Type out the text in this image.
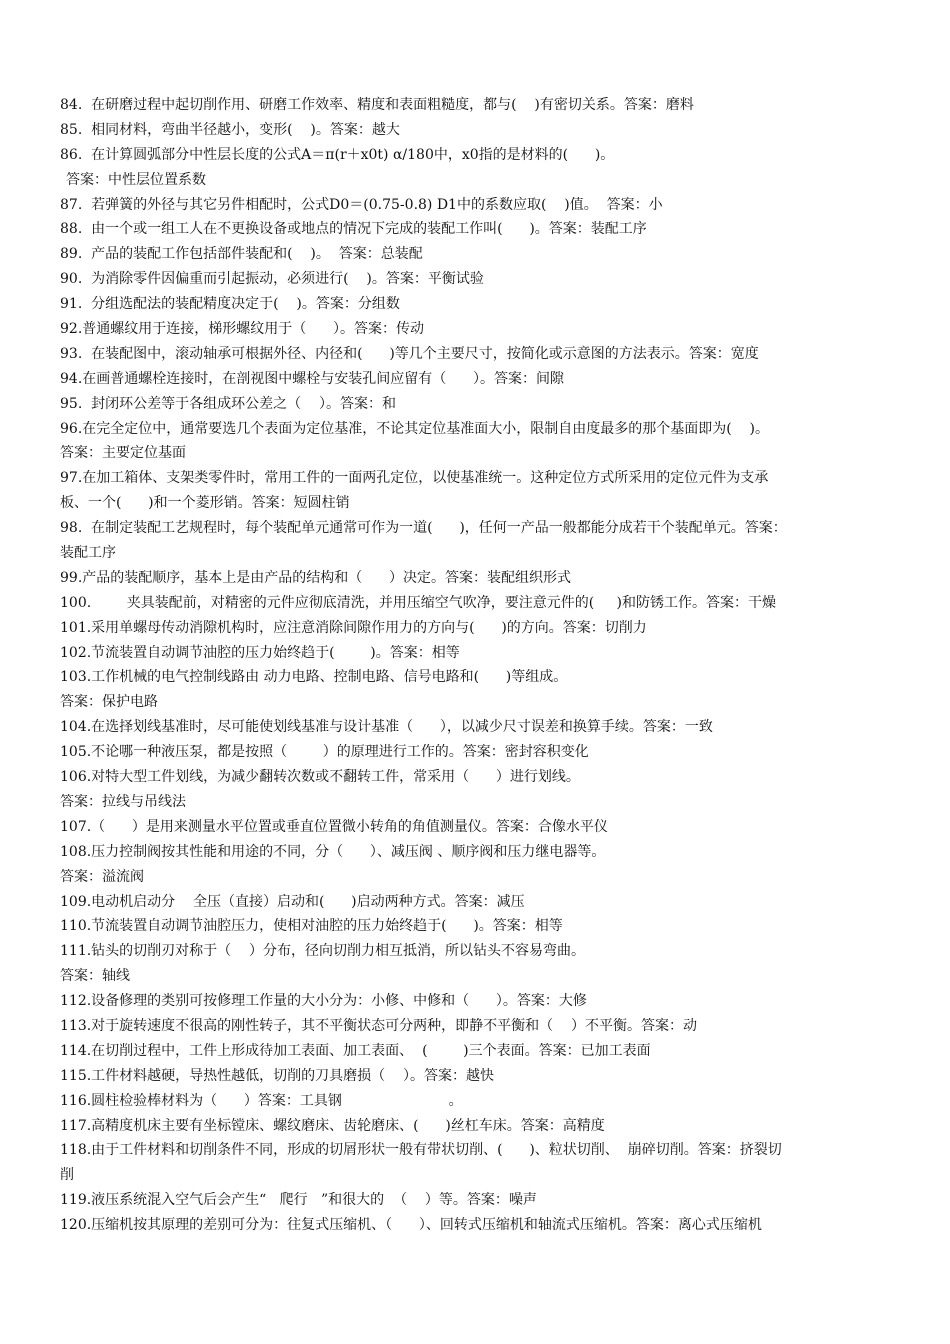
84.  在研磨过程中起切削作用、研磨工作效率、精度和表面粗糙度，都与(    )有密切关系。答案：磨料
85.  相同材料，弯曲半径越小，变形(    )。答案：越大
86.  在计算圆弧部分中性层长度的公式A＝π(r＋x0t) α/180中，x0指的是材料的(      )。
答案：中性层位置系数
87.  若弹簧的外径与其它另件相配时，公式D0＝(0.75-0.8) D1中的系数应取(    )值。  答案：小
88.  由一个或一组工人在不更换设备或地点的情况下完成的装配工作叫(      )。答案：装配工序
89.  产品的装配工作包括部件装配和(    )。  答案：总装配
90.  为消除零件因偏重而引起振动，必须进行(    )。答案：平衡试验
91.  分组选配法的装配精度决定于(    )。答案：分组数
92.普通螺纹用于连接，梯形螺纹用于（      ）。答案：传动
93.  在装配图中，滚动轴承可根据外径、内径和(      )等几个主要尺寸，按简化或示意图的方法表示。答案：宽度
94.在画普通螺栓连接时，在剖视图中螺栓与安装孔间应留有（      ）。答案：间隙
95.  封闭环公差等于各组成环公差之（    ）。答案：和
96.在完全定位中，通常要选几个表面为定位基准，不论其定位基准面大小，限制自由度最多的那个基面即为(    )。
答案：主要定位基面
97.在加工箱体、支架类零件时，常用工件的一面两孔定位，以使基准统一。这种定位方式所采用的定位元件为支承
板、一个(      )和一个菱形销。答案：短圆柱销
98.  在制定装配工艺规程时，每个装配单元通常可作为一道(      )，任何一产品一般都能分成若干个装配单元。答案：
装配工序
99.产品的装配顺序，基本上是由产品的结构和（      ）决定。答案：装配组织形式
100.        夹具装配前，对精密的元件应彻底清洗，并用压缩空气吹净，要注意元件的(     )和防锈工作。答案：干燥
101.采用单螺母传动消隙机构时，应注意消除间隙作用力的方向与(      )的方向。答案：切削力
102.节流装置自动调节油腔的压力始终趋于(        )。答案：相等
103.工作机械的电气控制线路由 动力电路、控制电路、信号电路和(      )等组成。
答案：保护电路
104.在选择划线基准时，尽可能使划线基准与设计基准（      ），以减少尺寸误差和换算手续。答案：一致
105.不论哪一种液压泵，都是按照（        ）的原理进行工作的。答案：密封容积变化
106.对特大型工件划线，为减少翻转次数或不翻转工件，常采用（      ）进行划线。
答案：拉线与吊线法
107.（      ）是用来测量水平位置或垂直位置微小转角的角值测量仪。答案：合像水平仪
108.压力控制阀按其性能和用途的不同，分（      ）、减压阀 、顺序阀和压力继电器等。
答案：溢流阀
109.电动机启动分    全压（直接）启动和(      )启动两种方式。答案：减压
110.节流装置自动调节油腔压力，使相对油腔的压力始终趋于(      )。答案：相等
111.钻头的切削刃对称于（    ）分布，径向切削力相互抵消，所以钻头不容易弯曲。
答案：轴线
112.设备修理的类别可按修理工作量的大小分为：小修、中修和（      ）。答案：大修
113.对于旋转速度不很高的刚性转子，其不平衡状态可分两种，即静不平衡和（    ）不平衡。答案：动
114.在切削过程中，工件上形成待加工表面、加工表面、  (        )三个表面。答案：已加工表面
115.工件材料越硬，导热性越低，切削的刀具磨损（    ）。答案：越快
116.圆柱检验棒材料为（      ）答案：工具钢                        。
117.高精度机床主要有坐标镗床、螺纹磨床、齿轮磨床、(      )丝杠车床。答案：高精度
118.由于工件材料和切削条件不同，形成的切屑形状一般有带状切削、(      )、粒状切削、  崩碎切削。答案：挤裂切
削
119.液压系统混入空气后会产生“   爬行   ”和很大的  （    ）等。答案：噪声
120.压缩机按其原理的差别可分为：往复式压缩机、（      ）、回转式压缩机和轴流式压缩机。答案：离心式压缩机
